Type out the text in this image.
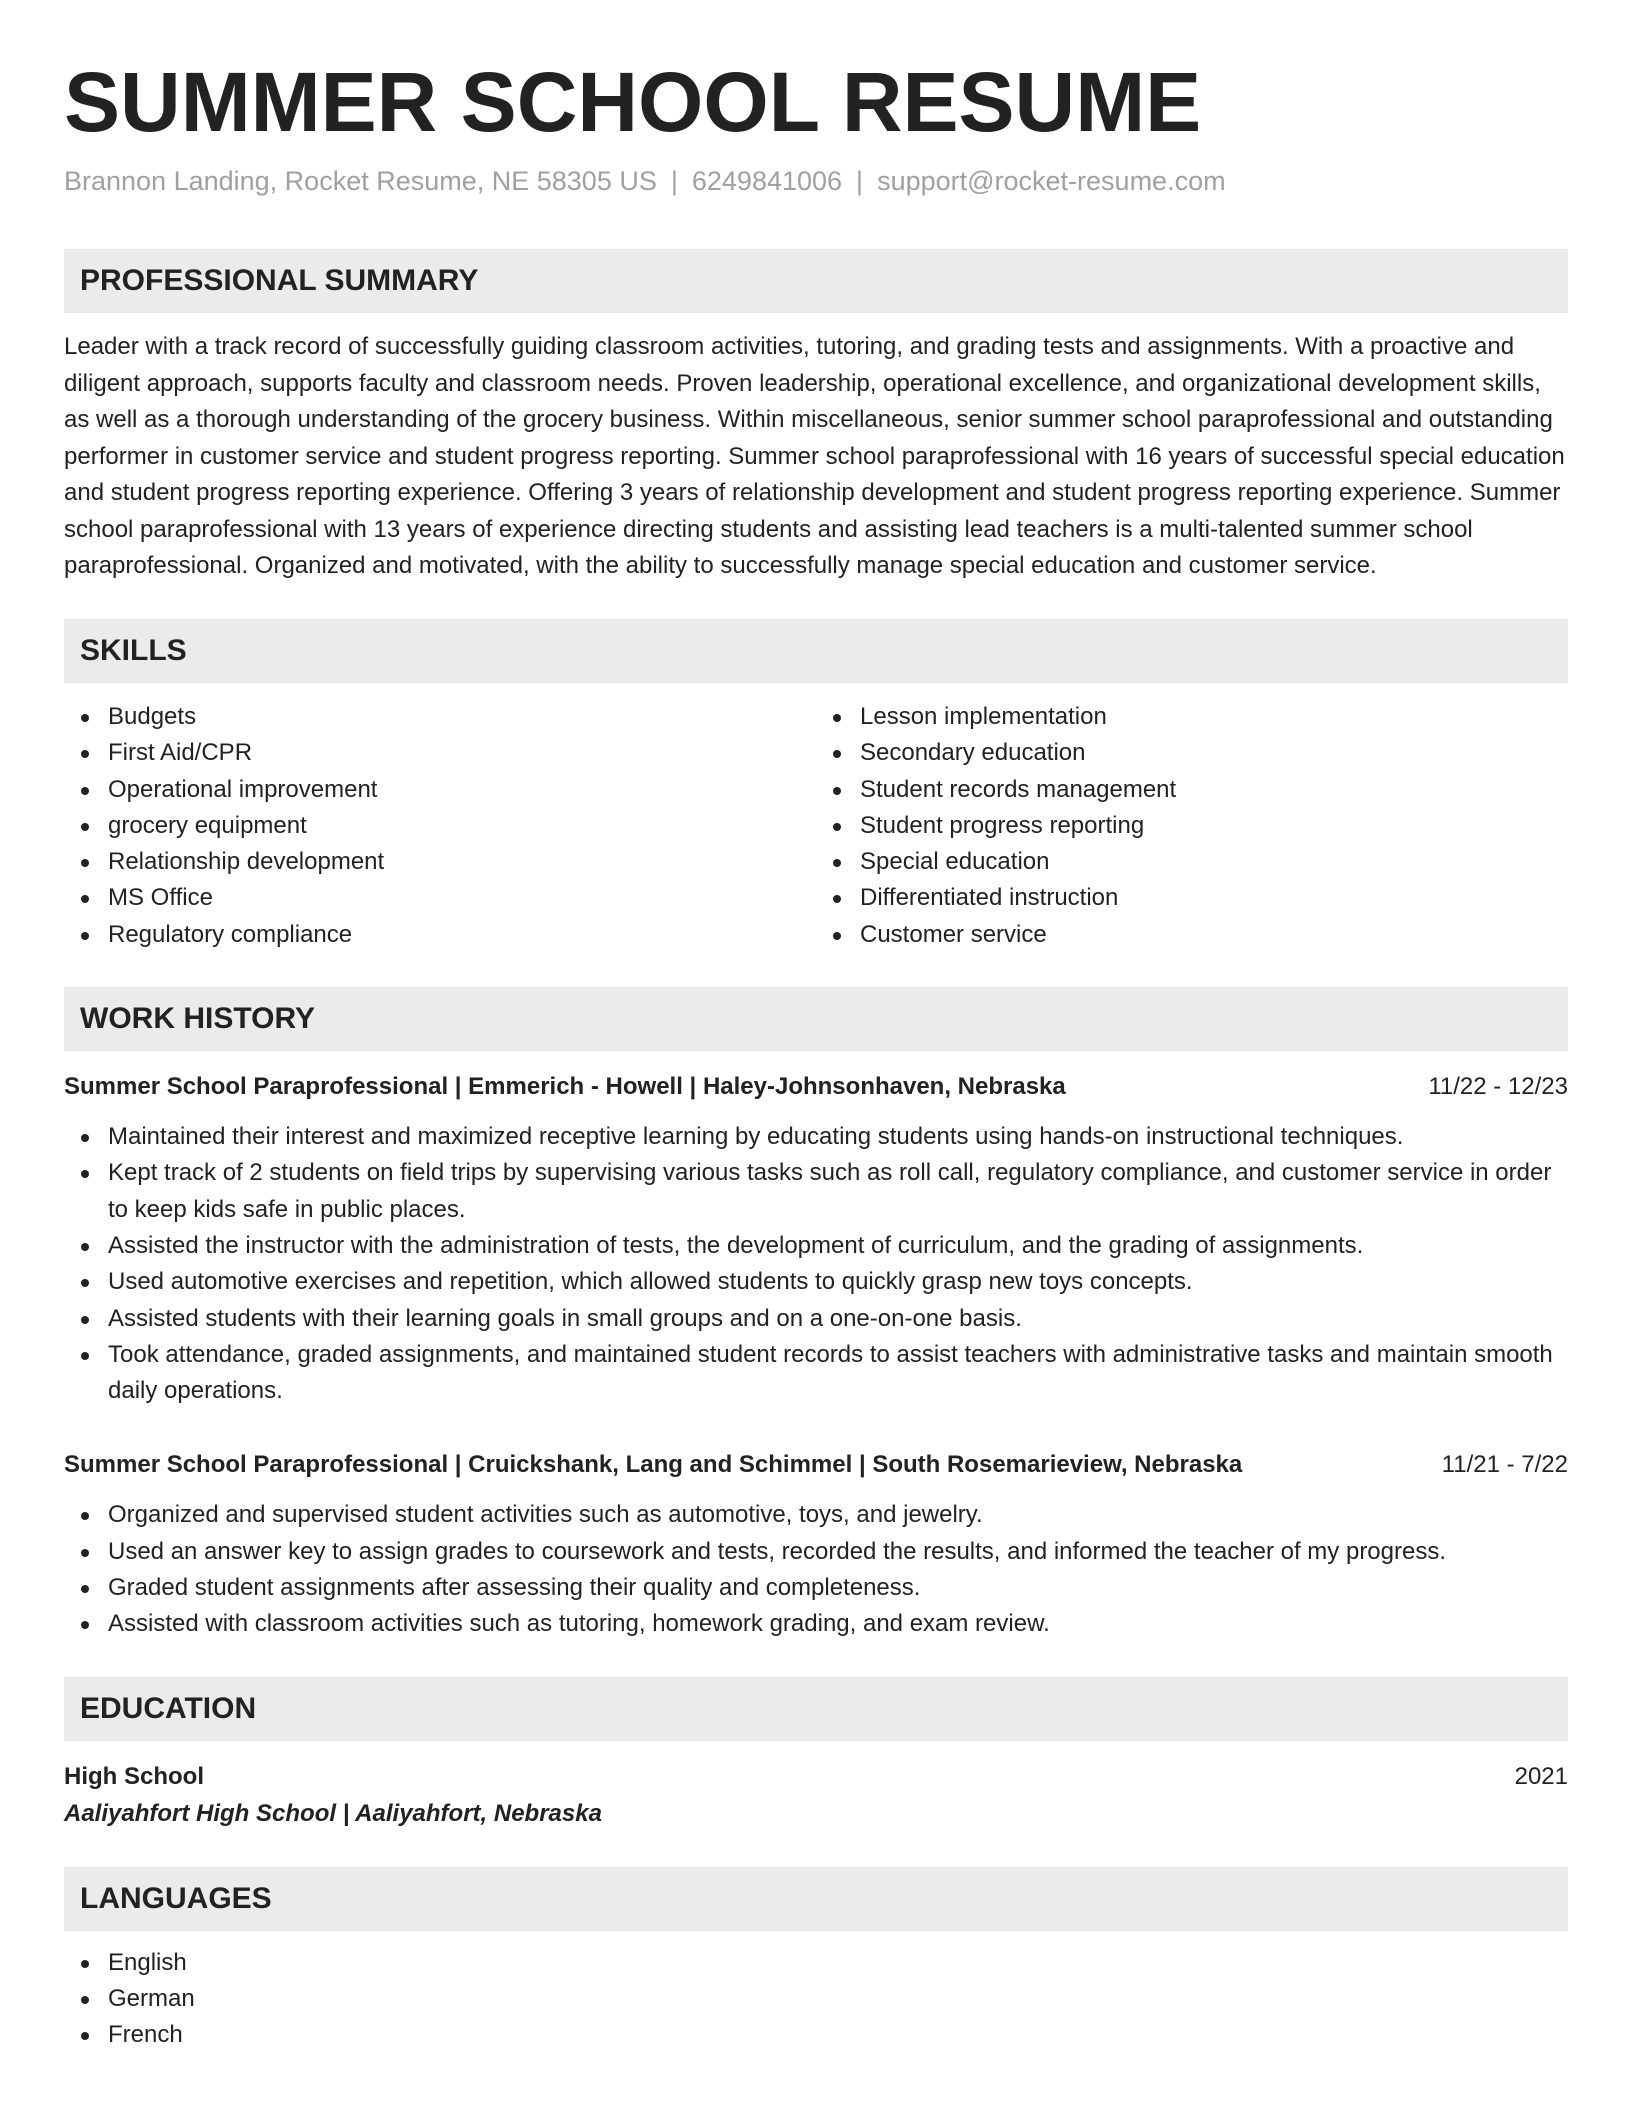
SUMMER SCHOOL RESUME
Brannon Landing, Rocket Resume, NE 58305 US | 6249841006 | support@rocket-resume.com
PROFESSIONAL SUMMARY

Leader with a track record of successfully guiding classroom activities, tutoring, and grading tests and assignments. With a proactive and diligent approach, supports faculty and classroom needs. Proven leadership, operational excellence, and organizational development skills, as well as a thorough understanding of the grocery business. Within miscellaneous, senior summer school paraprofessional and outstanding performer in customer service and student progress reporting. Summer school paraprofessional with 16 years of successful special education and student progress reporting experience. Offering 3 years of relationship development and student progress reporting experience. Summer school paraprofessional with 13 years of experience directing students and assisting lead teachers is a multi-talented summer school paraprofessional. Organized and motivated, with the ability to successfully manage special education and customer service.

SKILLS
Budgets
First Aid/CPR
Operational improvement
grocery equipment
Relationship development
MS Office
Regulatory compliance
Lesson implementation
Secondary education
Student records management
Student progress reporting
Special education
Differentiated instruction
Customer service
WORK HISTORY
Summer School Paraprofessional | Emmerich - Howell | Haley-Johnsonhaven, Nebraska	11/22 - 12/23
Maintained their interest and maximized receptive learning by educating students using hands-on instructional techniques.
Kept track of 2 students on field trips by supervising various tasks such as roll call, regulatory compliance, and customer service in order to keep kids safe in public places.
Assisted the instructor with the administration of tests, the development of curriculum, and the grading of assignments.
Used automotive exercises and repetition, which allowed students to quickly grasp new toys concepts.
Assisted students with their learning goals in small groups and on a one-on-one basis.
Took attendance, graded assignments, and maintained student records to assist teachers with administrative tasks and maintain smooth daily operations.
Summer School Paraprofessional | Cruickshank, Lang and Schimmel | South Rosemarieview, Nebraska	11/21 - 7/22
Organized and supervised student activities such as automotive, toys, and jewelry.
Used an answer key to assign grades to coursework and tests, recorded the results, and informed the teacher of my progress.
Graded student assignments after assessing their quality and completeness.
Assisted with classroom activities such as tutoring, homework grading, and exam review.
EDUCATION
High School	2021
Aaliyahfort High School | Aaliyahfort, Nebraska
LANGUAGES
English
German
French
